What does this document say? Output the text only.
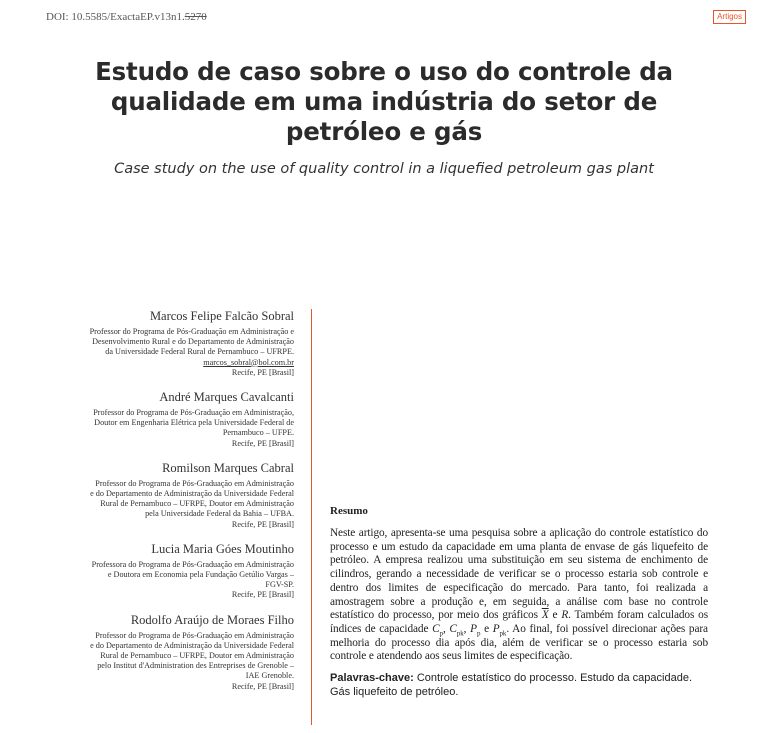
DOI: 10.5585/ExactaEP.v13n1.5270	Artigos
Estudo de caso sobre o uso do controle da qualidade em uma indústria do setor de petróleo e gás

Case study on the use of quality control in a liquefied petroleum gas plant

Marcos Felipe Falcão Sobral

Professor do Programa de Pós-Graduação em Administração e
Desenvolvimento Rural e do Departamento de Administração
da Universidade Federal Rural de Pernambuco – UFRPE.
marcos_sobral@bol.com.br
Recife, PE [Brasil]

André Marques Cavalcanti

Professor do Programa de Pós-Graduação em Administração,
Doutor em Engenharia Elétrica pela Universidade Federal de
Pernambuco – UFPE.
Recife, PE [Brasil]

Romilson Marques Cabral

Professor do Programa de Pós-Graduação em Administração
e do Departamento de Administração da Universidade Federal
Rural de Pernambuco – UFRPE, Doutor em Administração
pela Universidade Federal da Bahia – UFBA.
Recife, PE [Brasil]

Lucia Maria Góes Moutinho

Professora do Programa de Pós-Graduação em Administração
e Doutora em Economia pela Fundação Getúlio Vargas –
FGV-SP.
Recife, PE [Brasil]

Rodolfo Araújo de Moraes Filho

Professor do Programa de Pós-Graduação em Administração
e do Departamento de Administração da Universidade Federal
Rural de Pernambuco – UFRPE, Doutor em Administração
pelo Institut d'Administration des Entreprises de Grenoble –
IAE Grenoble.
Recife, PE [Brasil]

Resumo

Neste artigo, apresenta-se uma pesquisa sobre a aplicação do controle estatístico do processo e um estudo da capacidade em uma planta de envase de gás liquefeito de petróleo. A empresa realizou uma substituição em seu sistema de enchimento de cilindros, gerando a necessidade de verificar se o processo estaria sob controle e dentro dos limites de especificação do mercado. Para tanto, foi realizada a amostragem sobre a produção e, em seguida, a análise com base no controle estatístico do processo, por meio dos gráficos $\overline{X}$ e R. Também foram calculados os índices de capacidade $C_p$, $C_{pk}$, $P_p$ e $P_{pk}$. Ao final, foi possível direcionar ações para melhoria do processo dia após dia, além de verificar se o processo estaria sob controle e atendendo aos seus limites de especificação.

Palavras-chave: Controle estatístico do processo. Estudo da capacidade. Gás liquefeito de petróleo.
